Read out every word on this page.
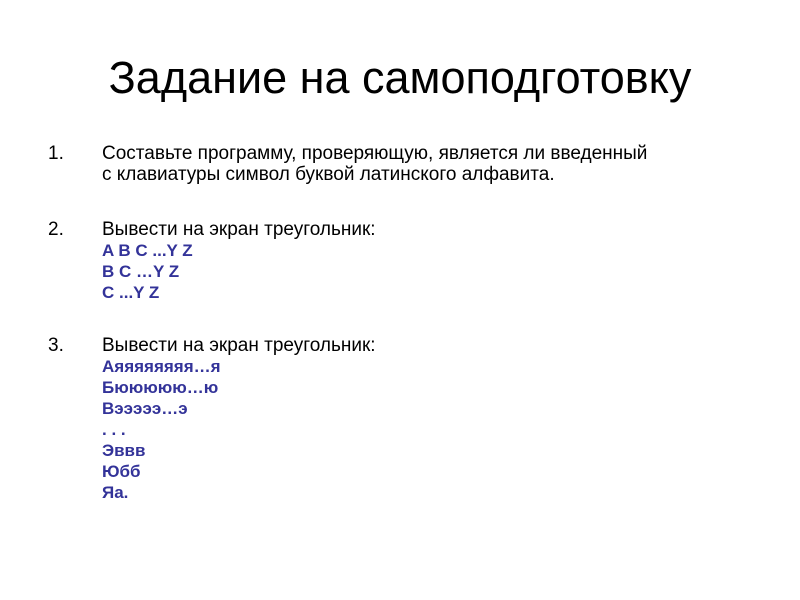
Задание на самоподготовку
1. Составьте программу, проверяющую, является ли введенный
с клавиатуры символ буквой латинского алфавита.

2. Вывести на экран треугольник:

A B C ...Y Z
B C …Y Z
C ...Y Z
3. Вывести на экран треугольник:

Аяяяяяяяя…я
Бююююю…ю
Вэээээ…э
. . .
Эввв
Юбб
Яа.
